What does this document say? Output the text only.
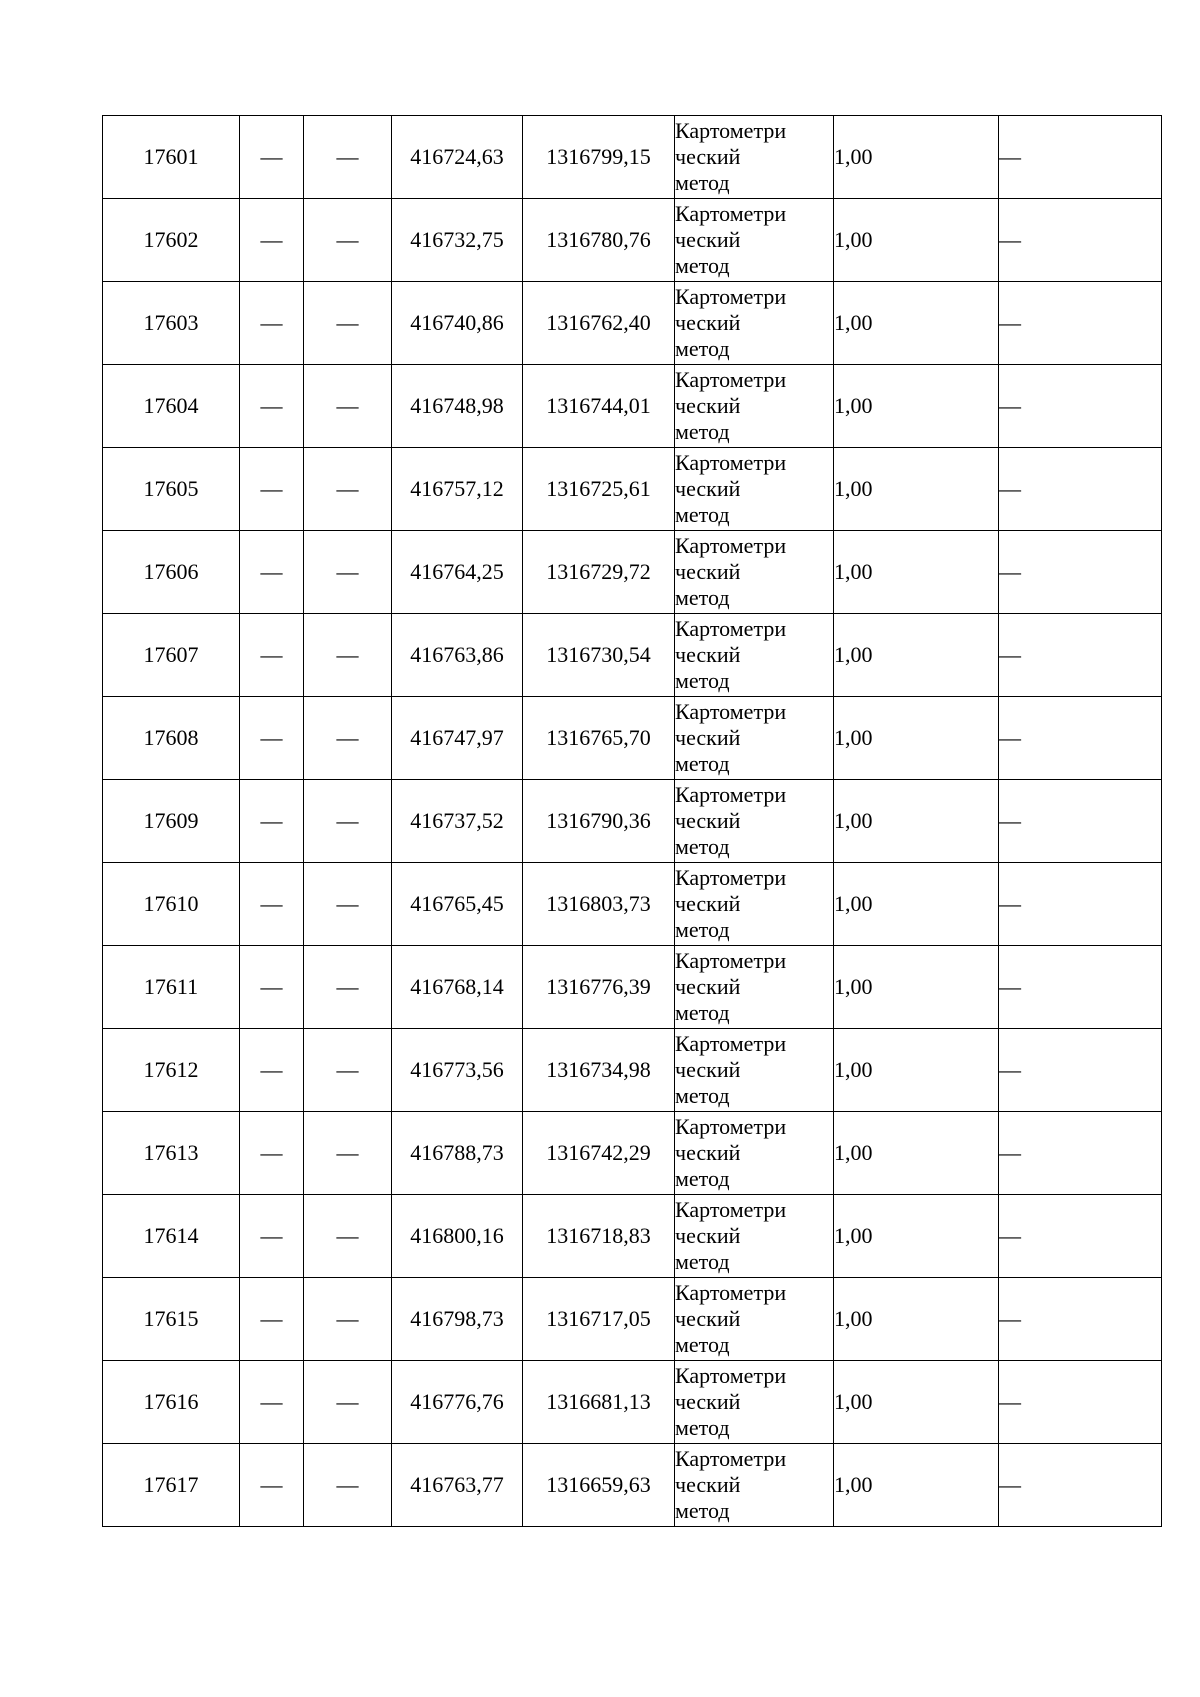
17601	—	—	416724,63	1316799,15	Картометри
ческий
метод	1,00	—
17602	—	—	416732,75	1316780,76	Картометри
ческий
метод	1,00	—
17603	—	—	416740,86	1316762,40	Картометри
ческий
метод	1,00	—
17604	—	—	416748,98	1316744,01	Картометри
ческий
метод	1,00	—
17605	—	—	416757,12	1316725,61	Картометри
ческий
метод	1,00	—
17606	—	—	416764,25	1316729,72	Картометри
ческий
метод	1,00	—
17607	—	—	416763,86	1316730,54	Картометри
ческий
метод	1,00	—
17608	—	—	416747,97	1316765,70	Картометри
ческий
метод	1,00	—
17609	—	—	416737,52	1316790,36	Картометри
ческий
метод	1,00	—
17610	—	—	416765,45	1316803,73	Картометри
ческий
метод	1,00	—
17611	—	—	416768,14	1316776,39	Картометри
ческий
метод	1,00	—
17612	—	—	416773,56	1316734,98	Картометри
ческий
метод	1,00	—
17613	—	—	416788,73	1316742,29	Картометри
ческий
метод	1,00	—
17614	—	—	416800,16	1316718,83	Картометри
ческий
метод	1,00	—
17615	—	—	416798,73	1316717,05	Картометри
ческий
метод	1,00	—
17616	—	—	416776,76	1316681,13	Картометри
ческий
метод	1,00	—
17617	—	—	416763,77	1316659,63	Картометри
ческий
метод	1,00	—
